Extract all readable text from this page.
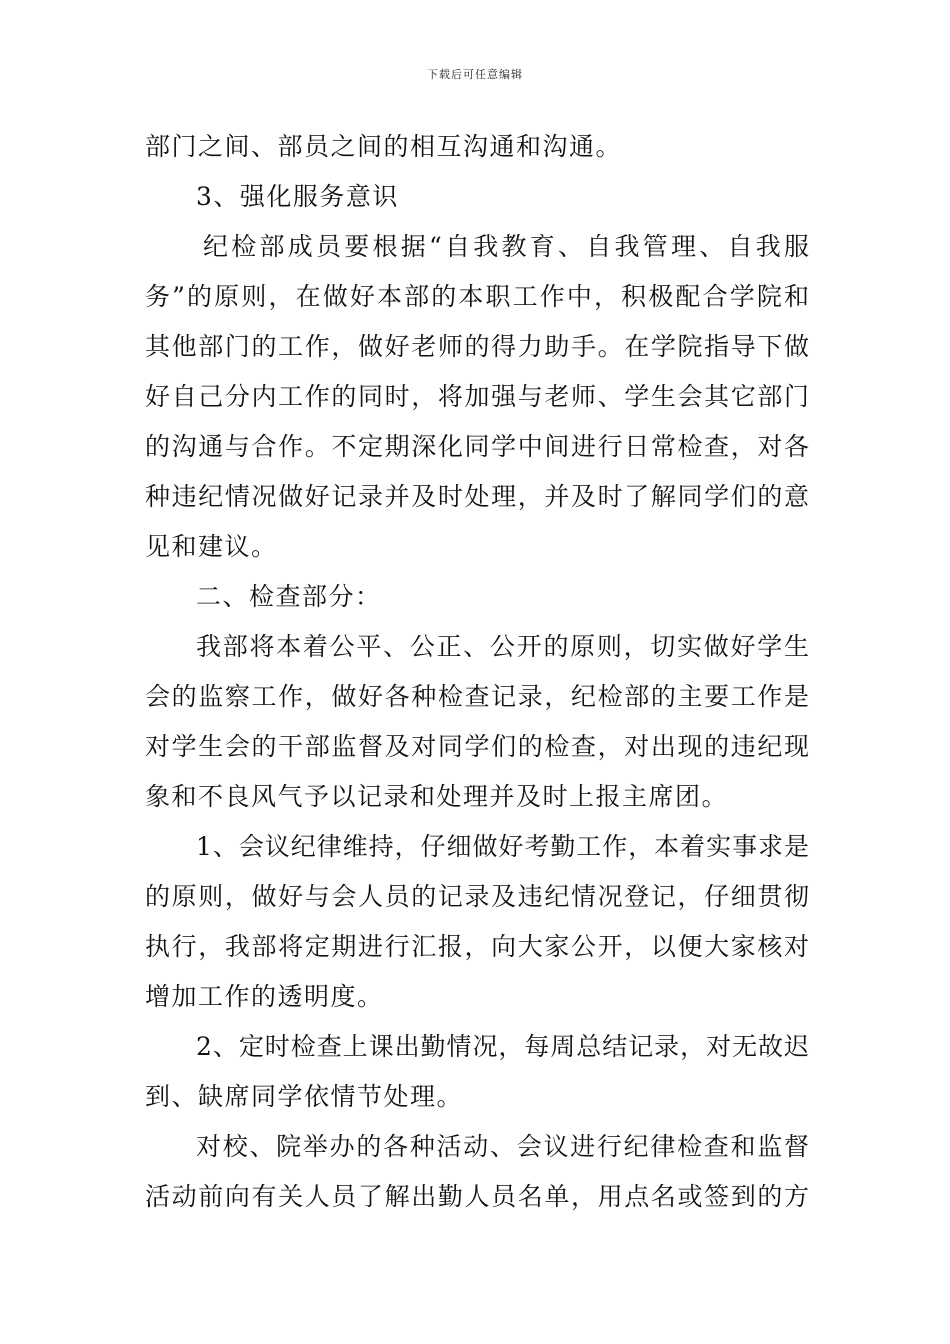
下载后可任意编辑
部门之间、部员之间的相互沟通和沟通。
3、强化服务意识
纪检部成员要根据“自我教育、自我管理、自我服
务”的原则，在做好本部的本职工作中，积极配合学院和
其他部门的工作，做好老师的得力助手。在学院指导下做
好自己分内工作的同时，将加强与老师、学生会其它部门
的沟通与合作。不定期深化同学中间进行日常检查，对各
种违纪情况做好记录并及时处理，并及时了解同学们的意
见和建议。
二、检查部分：
我部将本着公平、公正、公开的原则，切实做好学生
会的监察工作，做好各种检查记录，纪检部的主要工作是
对学生会的干部监督及对同学们的检查，对出现的违纪现
象和不良风气予以记录和处理并及时上报主席团。
1、会议纪律维持，仔细做好考勤工作，本着实事求是
的原则，做好与会人员的记录及违纪情况登记，仔细贯彻
执行，我部将定期进行汇报，向大家公开，以便大家核对
增加工作的透明度。
2、定时检查上课出勤情况，每周总结记录，对无故迟
到、缺席同学依情节处理。
对校、院举办的各种活动、会议进行纪律检查和监督
活动前向有关人员了解出勤人员名单，用点名或签到的方
